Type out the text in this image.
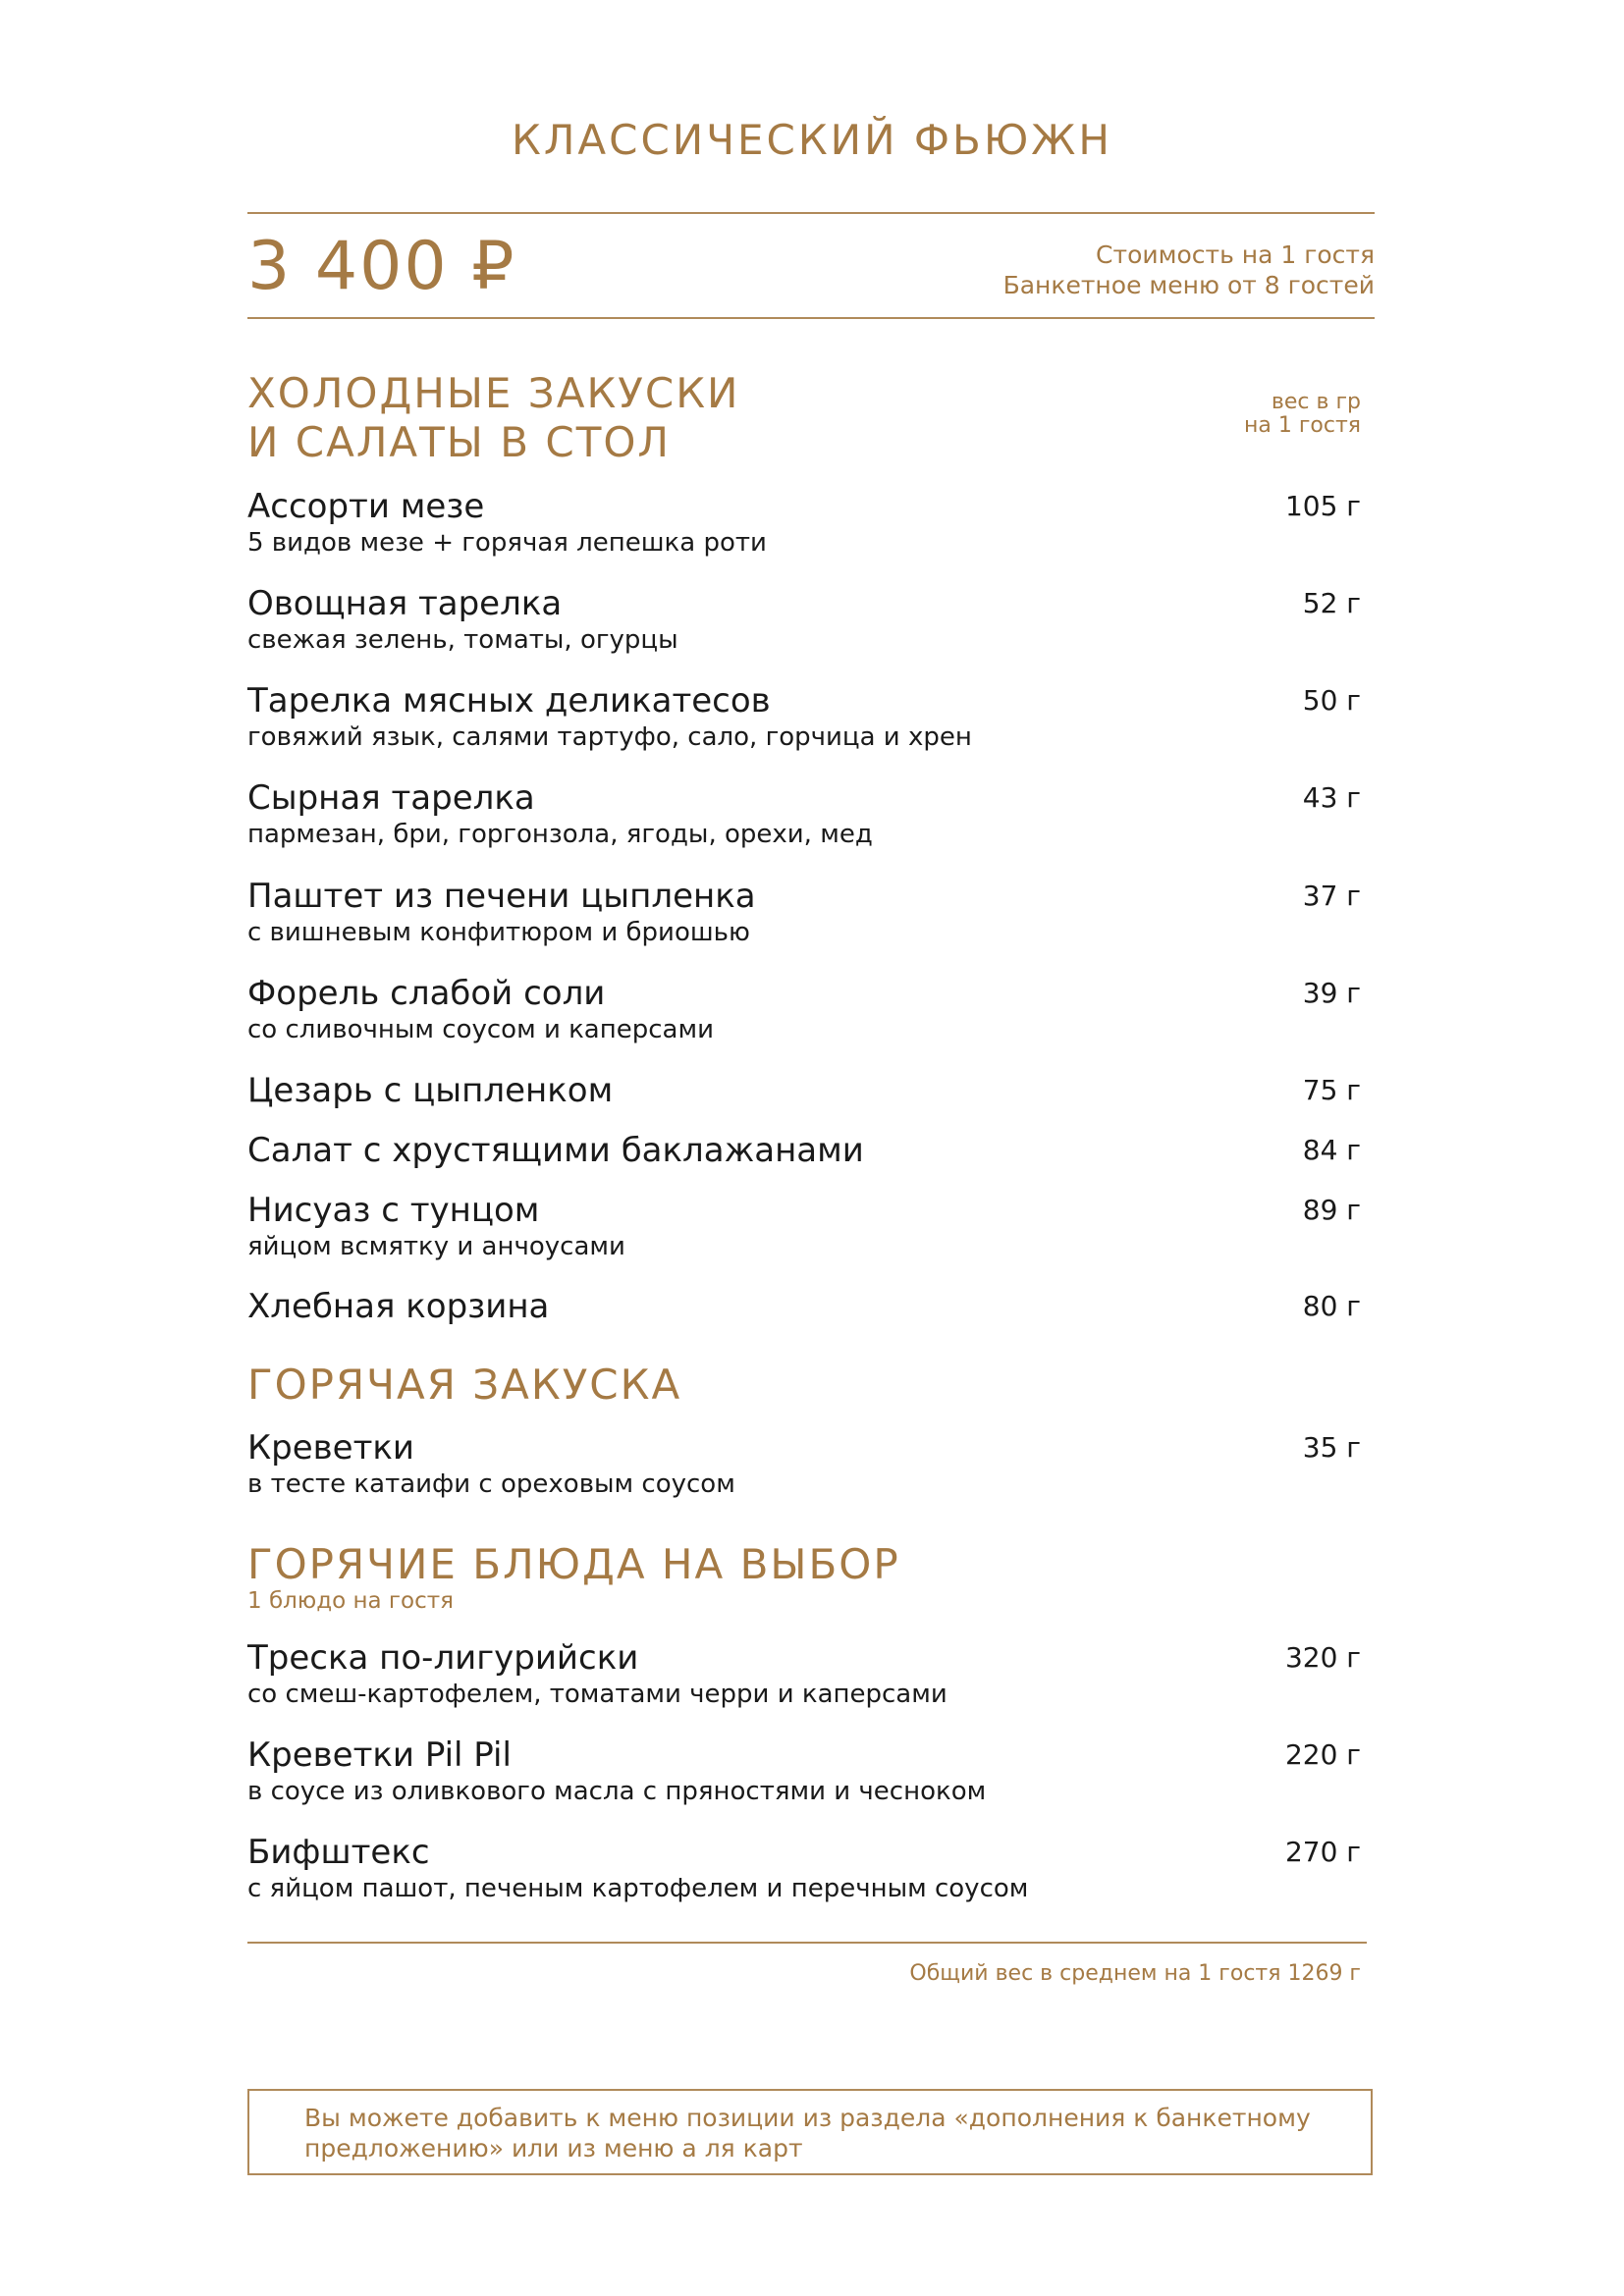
КЛАССИЧЕСКИЙ ФЬЮЖН
3 400 ₽	Стоимость на 1 гостя
Банкетное меню от 8 гостей
ХОЛОДНЫЕ ЗАКУСКИ
И САЛАТЫ В СТОЛ
вес в гр
на 1 гостя
Ассорти мезе
5 видов мезе + горячая лепешка роти
105 г
Овощная тарелка
свежая зелень, томаты, огурцы
52 г
Тарелка мясных деликатесов
говяжий язык, салями тартуфо, сало, горчица и хрен
50 г
Сырная тарелка
пармезан, бри, горгонзола, ягоды, орехи, мед
43 г
Паштет из печени цыпленка
с вишневым конфитюром и бриошью
37 г
Форель слабой соли
со сливочным соусом и каперсами
39 г
Цезарь с цыпленком	75 г
Салат с хрустящими баклажанами	84 г
Нисуаз с тунцом
яйцом всмятку и анчоусами
89 г
Хлебная корзина	80 г
ГОРЯЧАЯ ЗАКУСКА
Креветки
в тесте катаифи с ореховым соусом
35 г
ГОРЯЧИЕ БЛЮДА НА ВЫБОР
1 блюдо на гостя
Треска по-лигурийски
со смеш-картофелем, томатами черри и каперсами
320 г
Креветки Pil Pil
в соусе из оливкового масла с пряностями и чесноком
220 г
Бифштекс
с яйцом пашот, печеным картофелем и перечным соусом
270 г
Общий вес в среднем на 1 гостя 1269 г
Вы можете добавить к меню позиции из раздела «дополнения к банкетному предложению» или из меню а ля карт
